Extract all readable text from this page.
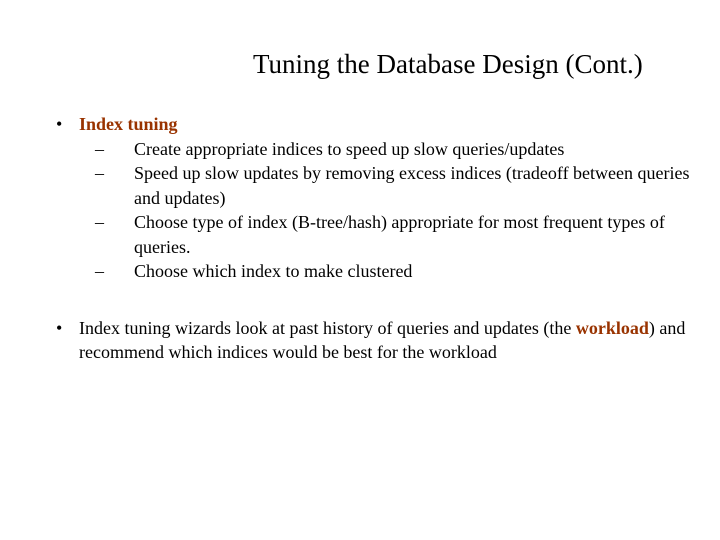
Tuning the Database Design (Cont.)
• Index tuning
– Create appropriate indices to speed up slow queries/updates
– Speed up slow updates by removing excess indices (tradeoff between queries and updates)
– Choose type of index (B-tree/hash) appropriate for most frequent types of queries.
– Choose which index to make clustered
• Index tuning wizards look at past history of queries and updates (the workload) and recommend which indices would be best for the workload
